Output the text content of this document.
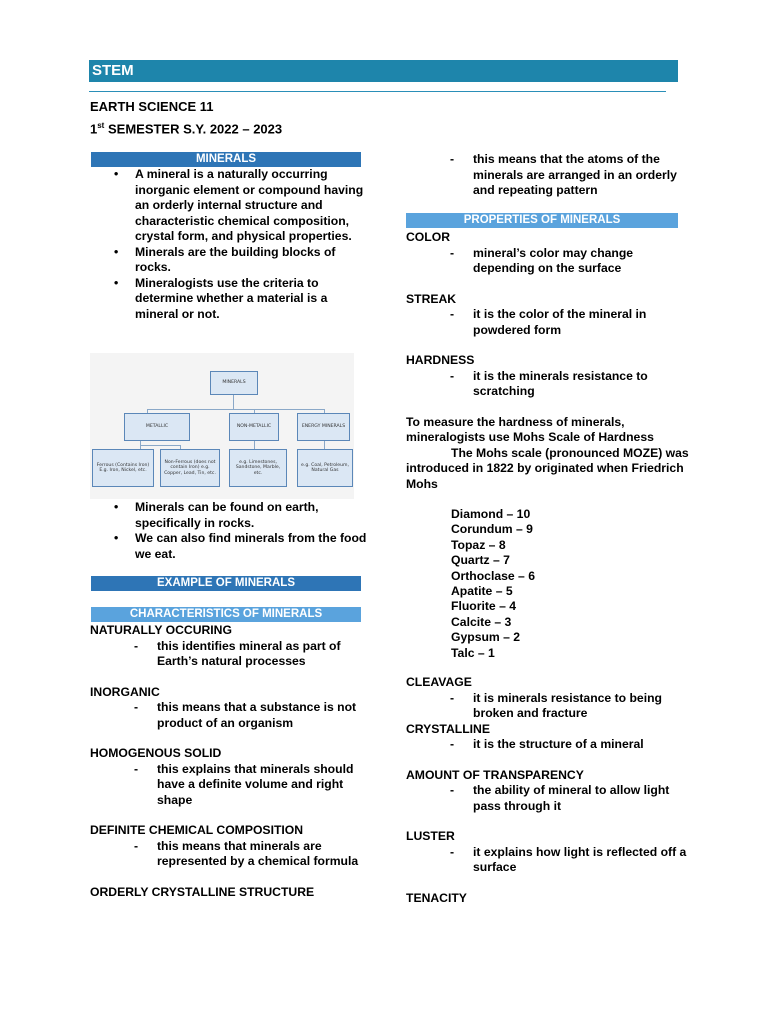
STEM
EARTH SCIENCE 11
1st SEMESTER S.Y. 2022 – 2023
MINERALS
• A mineral is a naturally occurring inorganic element or compound having an orderly internal structure and characteristic chemical composition, crystal form, and physical properties.
• Minerals are the building blocks of rocks.
• Mineralogists use the criteria to determine whether a material is a mineral or not.
MINERALS
METALLIC	NON-METALLIC	ENERGY MINERALS
Ferrous (Contains Iron) E.g. Iron, Nickel, etc.
Non-Ferrous (does not contain Iron) e.g. Copper, Lead, Tin, etc.
e.g. Limestones, Sandstone, Marble, etc.
e.g. Coal, Petroleum, Natural Gas
• Minerals can be found on earth, specifically in rocks.
• We can also find minerals from the food we eat.
EXAMPLE OF MINERALS
CHARACTERISTICS OF MINERALS
NATURALLY OCCURING
- this identifies mineral as part of Earth’s natural processes
INORGANIC
- this means that a substance is not product of an organism
HOMOGENOUS SOLID
- this explains that minerals should have a definite volume and right shape
DEFINITE CHEMICAL COMPOSITION
- this means that minerals are represented by a chemical formula
ORDERLY CRYSTALLINE STRUCTURE
- this means that the atoms of the minerals are arranged in an orderly and repeating pattern
PROPERTIES OF MINERALS
COLOR
- mineral’s color may change depending on the surface
STREAK
- it is the color of the mineral in powdered form
HARDNESS
- it is the minerals resistance to scratching
To measure the hardness of minerals, mineralogists use Mohs Scale of Hardness
The Mohs scale (pronounced MOZE) was introduced in 1822 by originated when Friedrich Mohs
Diamond – 10
Corundum – 9
Topaz – 8
Quartz – 7
Orthoclase – 6
Apatite – 5
Fluorite – 4
Calcite – 3
Gypsum – 2
Talc – 1
CLEAVAGE
- it is minerals resistance to being broken and fracture
CRYSTALLINE
- it is the structure of a mineral
AMOUNT OF TRANSPARENCY
- the ability of mineral to allow light pass through it
LUSTER
- it explains how light is reflected off a surface
TENACITY
